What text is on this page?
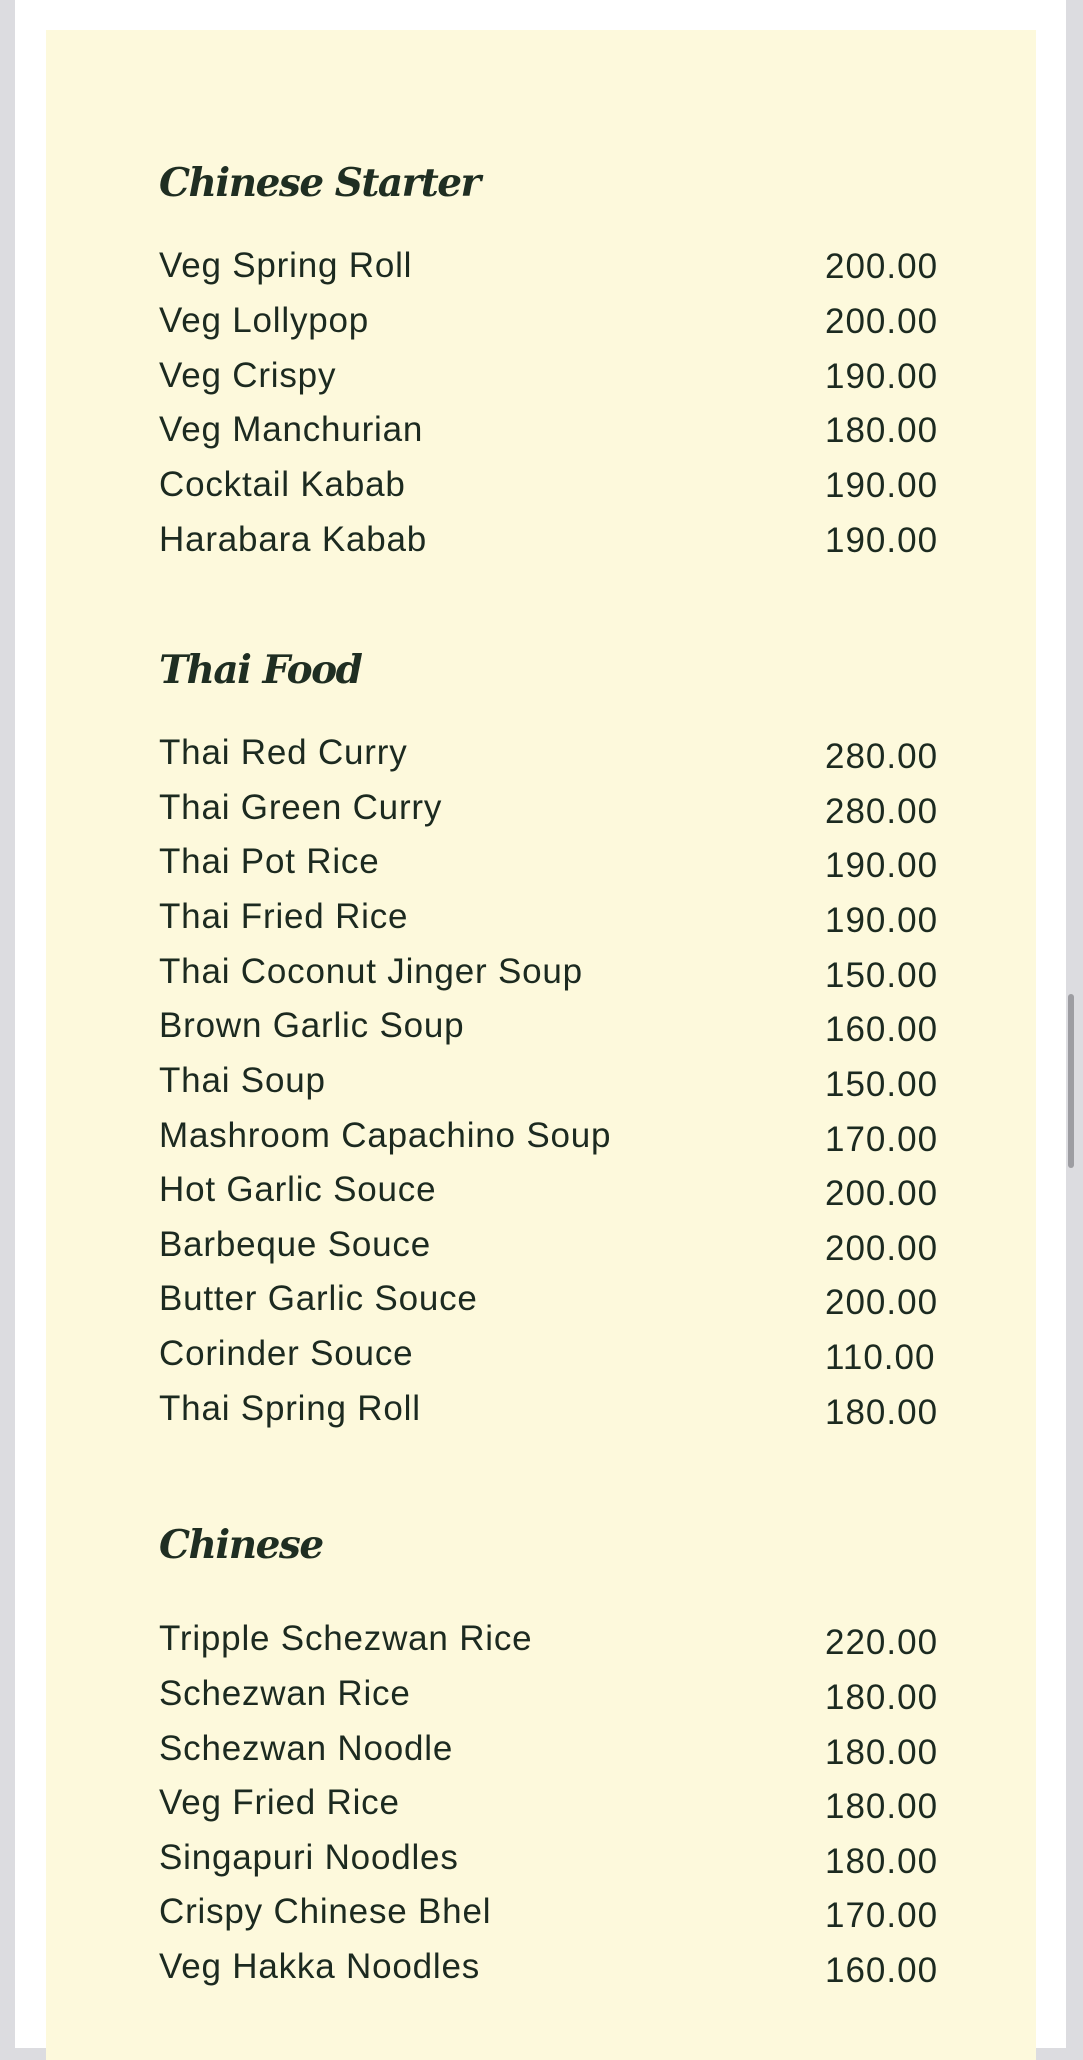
Chinese Starter
Veg Spring Roll	200.00
Veg Lollypop	200.00
Veg Crispy	190.00
Veg Manchurian	180.00
Cocktail Kabab	190.00
Harabara Kabab	190.00
Thai Food
Thai Red Curry	280.00
Thai Green Curry	280.00
Thai Pot Rice	190.00
Thai Fried Rice	190.00
Thai Coconut Jinger Soup	150.00
Brown Garlic Soup	160.00
Thai Soup	150.00
Mashroom Capachino Soup	170.00
Hot Garlic Souce	200.00
Barbeque Souce	200.00
Butter Garlic Souce	200.00
Corinder Souce	110.00
Thai Spring Roll	180.00
Chinese
Tripple Schezwan Rice	220.00
Schezwan Rice	180.00
Schezwan Noodle	180.00
Veg Fried Rice	180.00
Singapuri Noodles	180.00
Crispy Chinese Bhel	170.00
Veg Hakka Noodles	160.00
